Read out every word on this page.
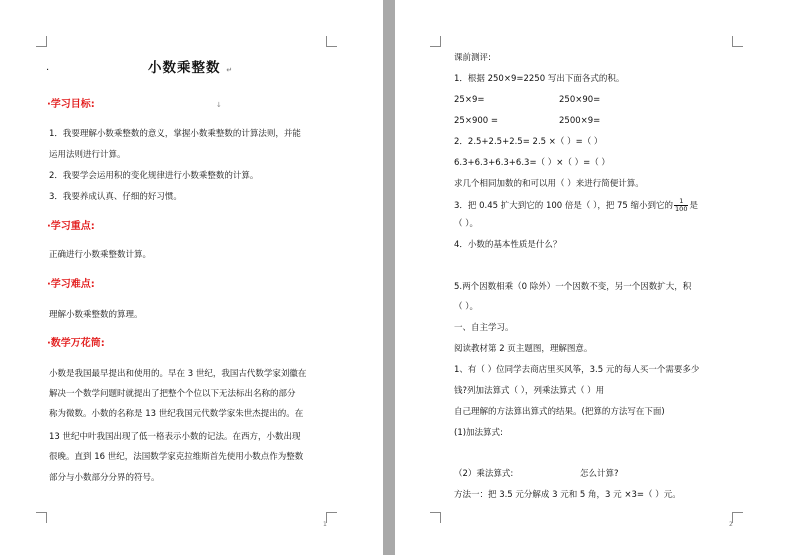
·	小数乘整数 ↵
·学习目标:	↓
1．我要理解小数乘整数的意义，掌握小数乘整数的计算法则，并能
运用法则进行计算。
2．我要学会运用积的变化规律进行小数乘整数的计算。
3．我要养成认真、仔细的好习惯。
·学习重点:
正确进行小数乘整数计算。
·学习难点:
理解小数乘整数的算理。
·数学万花筒:
小数是我国最早提出和使用的。早在 3 世纪，我国古代数学家刘徽在
解决一个数学问题时就提出了把整个个位以下无法标出名称的部分
称为微数。小数的名称是 13 世纪我国元代数学家朱世杰提出的。在
13 世纪中叶我国出现了低一格表示小数的记法。在西方，小数出现
很晚。直到 16 世纪，法国数学家克拉维斯首先使用小数点作为整数
部分与小数部分分界的符号。
1
课前测评:
1．根据 250×9=2250 写出下面各式的积。
25×9=	250×90=
25×900 =	2500×9=
2．2.5+2.5+2.5= 2.5 ×（ ）=（ ）
6.3+6.3+6.3+6.3=（ ）×（ ）=（ ）
求几个相同加数的和可以用（ ）来进行简便计算。
3．把 0.45 扩大到它的 100 倍是（ ），把 75 缩小到它的 $\frac{1}{100}$ 是
（ ）。
4．小数的基本性质是什么？
5.两个因数相乘（0 除外）一个因数不变，另一个因数扩大，积
（ ）。
一、自主学习。
阅读教材第 2 页主题图，理解图意。
1、有（ ）位同学去商店里买风筝，3.5 元的每人买一个需要多少
钱?列加法算式（ ），列乘法算式（ ）用
自己理解的方法算出算式的结果。(把算的方法写在下面)
(1)加法算式:
（2）乘法算式:	怎么计算?
方法一：把 3.5 元分解成 3 元和 5 角，3 元 ×3=（ ）元。
2
